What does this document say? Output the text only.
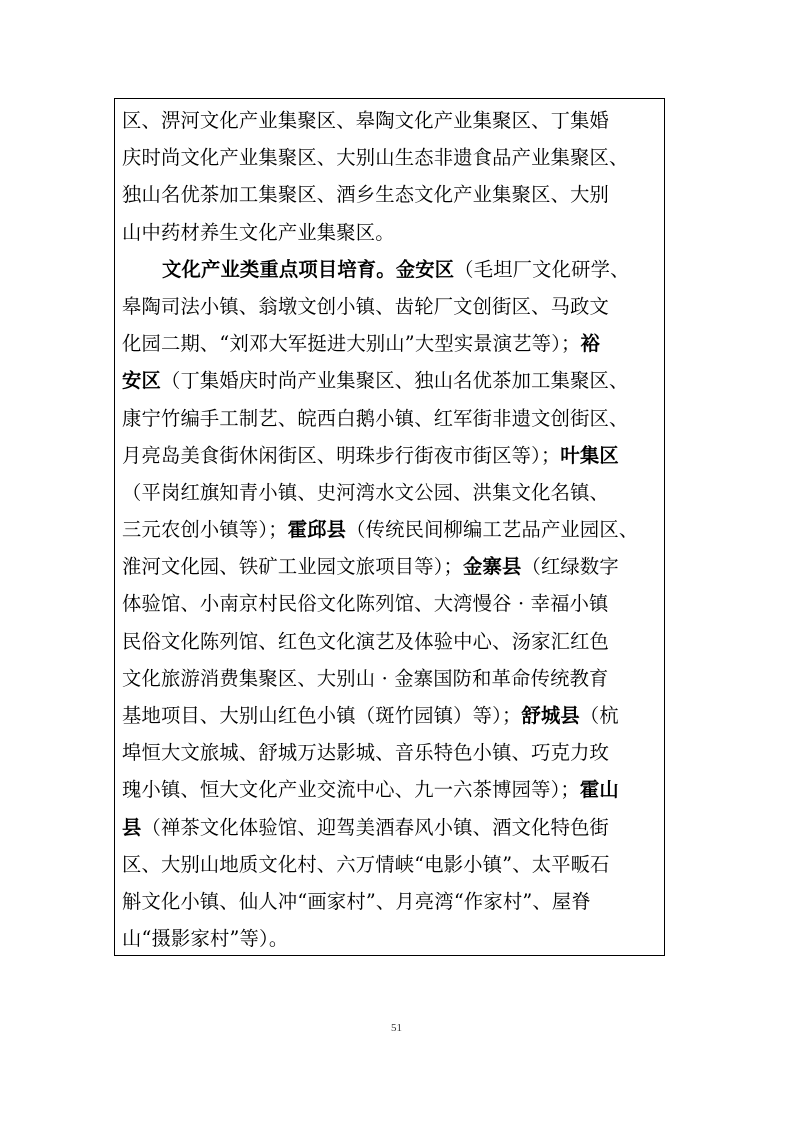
区、淠河文化产业集聚区、皋陶文化产业集聚区、丁集婚
庆时尚文化产业集聚区、大别山生态非遗食品产业集聚区、
独山名优茶加工集聚区、酒乡生态文化产业集聚区、大别
山中药材养生文化产业集聚区。
文化产业类重点项目培育。金安区（毛坦厂文化研学、
皋陶司法小镇、翁墩文创小镇、齿轮厂文创街区、马政文
化园二期、“刘邓大军挺进大别山”大型实景演艺等）；裕
安区（丁集婚庆时尚产业集聚区、独山名优茶加工集聚区、
康宁竹编手工制艺、皖西白鹅小镇、红军街非遗文创街区、
月亮岛美食街休闲街区、明珠步行街夜市街区等）；叶集区
（平岗红旗知青小镇、史河湾水文公园、洪集文化名镇、
三元农创小镇等）；霍邱县（传统民间柳编工艺品产业园区、
淮河文化园、铁矿工业园文旅项目等）；金寨县（红绿数字
体验馆、小南京村民俗文化陈列馆、大湾慢谷 · 幸福小镇
民俗文化陈列馆、红色文化演艺及体验中心、汤家汇红色
文化旅游消费集聚区、大别山 · 金寨国防和革命传统教育
基地项目、大别山红色小镇（斑竹园镇）等）；舒城县（杭
埠恒大文旅城、舒城万达影城、音乐特色小镇、巧克力玫
瑰小镇、恒大文化产业交流中心、九一六茶博园等）；霍山
县（禅茶文化体验馆、迎驾美酒春风小镇、酒文化特色街
区、大别山地质文化村、六万情峡“电影小镇”、太平畈石
斛文化小镇、仙人冲“画家村”、月亮湾“作家村”、屋脊
山“摄影家村”等）。
51
